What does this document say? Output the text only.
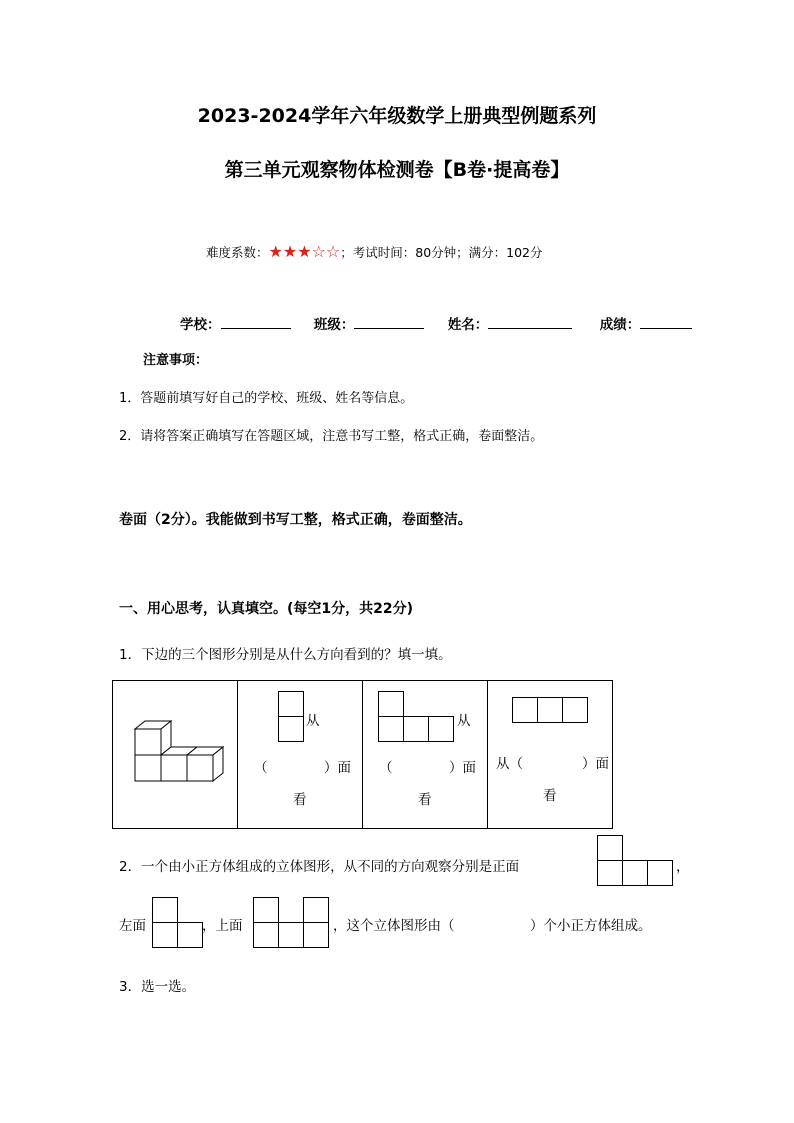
2023-2024学年六年级数学上册典型例题系列
第三单元观察物体检测卷【B卷·提高卷】
难度系数：★★★☆☆；考试时间：80分钟；满分：102分
学校：	班级：	姓名：	成绩：
注意事项：
1．答题前填写好自己的学校、班级、姓名等信息。
2．请将答案正确填写在答题区域，注意书写工整，格式正确，卷面整洁。
卷面（2分）。我能做到书写工整，格式正确，卷面整洁。
一、用心思考，认真填空。(每空1分，共22分)
1．下边的三个图形分别是从什么方向看到的？填一填。

从
（	）面
看

从
（	）面
看

从（	）面
看
2．一个由小正方体组成的立体图形，从不同的方向观察分别是正面	，
左面	，上面	，这个立体图形由（	）个小正方体组成。
3．选一选。
